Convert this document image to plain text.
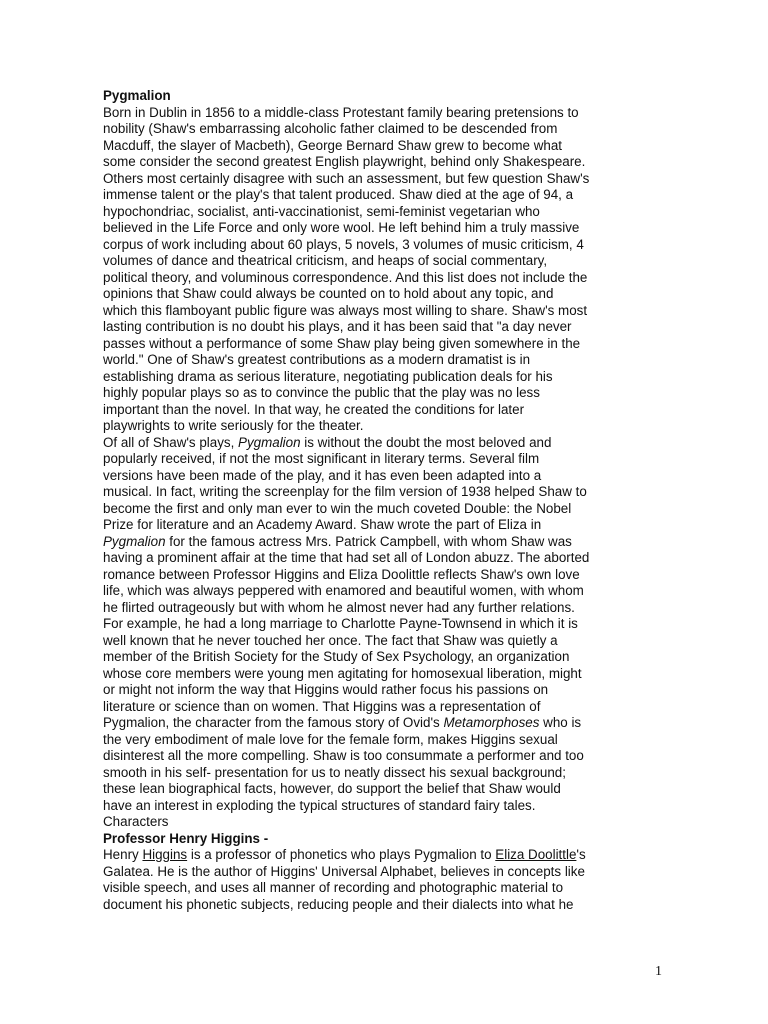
Pygmalion

Born in Dublin in 1856 to a middle-class Protestant family bearing pretensions to
nobility (Shaw's embarrassing alcoholic father claimed to be descended from
Macduff, the slayer of Macbeth), George Bernard Shaw grew to become what
some consider the second greatest English playwright, behind only Shakespeare.
Others most certainly disagree with such an assessment, but few question Shaw's
immense talent or the play's that talent produced. Shaw died at the age of 94, a
hypochondriac, socialist, anti-vaccinationist, semi-feminist vegetarian who
believed in the Life Force and only wore wool. He left behind him a truly massive
corpus of work including about 60 plays, 5 novels, 3 volumes of music criticism, 4
volumes of dance and theatrical criticism, and heaps of social commentary,
political theory, and voluminous correspondence. And this list does not include the
opinions that Shaw could always be counted on to hold about any topic, and
which this flamboyant public figure was always most willing to share. Shaw's most
lasting contribution is no doubt his plays, and it has been said that "a day never
passes without a performance of some Shaw play being given somewhere in the
world." One of Shaw's greatest contributions as a modern dramatist is in
establishing drama as serious literature, negotiating publication deals for his
highly popular plays so as to convince the public that the play was no less
important than the novel. In that way, he created the conditions for later
playwrights to write seriously for the theater.

Of all of Shaw's plays, Pygmalion is without the doubt the most beloved and
popularly received, if not the most significant in literary terms. Several film
versions have been made of the play, and it has even been adapted into a
musical. In fact, writing the screenplay for the film version of 1938 helped Shaw to
become the first and only man ever to win the much coveted Double: the Nobel
Prize for literature and an Academy Award. Shaw wrote the part of Eliza in
Pygmalion for the famous actress Mrs. Patrick Campbell, with whom Shaw was
having a prominent affair at the time that had set all of London abuzz. The aborted
romance between Professor Higgins and Eliza Doolittle reflects Shaw's own love
life, which was always peppered with enamored and beautiful women, with whom
he flirted outrageously but with whom he almost never had any further relations.
For example, he had a long marriage to Charlotte Payne-Townsend in which it is
well known that he never touched her once. The fact that Shaw was quietly a
member of the British Society for the Study of Sex Psychology, an organization
whose core members were young men agitating for homosexual liberation, might
or might not inform the way that Higgins would rather focus his passions on
literature or science than on women. That Higgins was a representation of
Pygmalion, the character from the famous story of Ovid's Metamorphoses who is
the very embodiment of male love for the female form, makes Higgins sexual
disinterest all the more compelling. Shaw is too consummate a performer and too
smooth in his self- presentation for us to neatly dissect his sexual background;
these lean biographical facts, however, do support the belief that Shaw would
have an interest in exploding the typical structures of standard fairy tales.

Characters

Professor Henry Higgins -

Henry Higgins is a professor of phonetics who plays Pygmalion to Eliza Doolittle's
Galatea. He is the author of Higgins' Universal Alphabet, believes in concepts like
visible speech, and uses all manner of recording and photographic material to
document his phonetic subjects, reducing people and their dialects into what he

1
